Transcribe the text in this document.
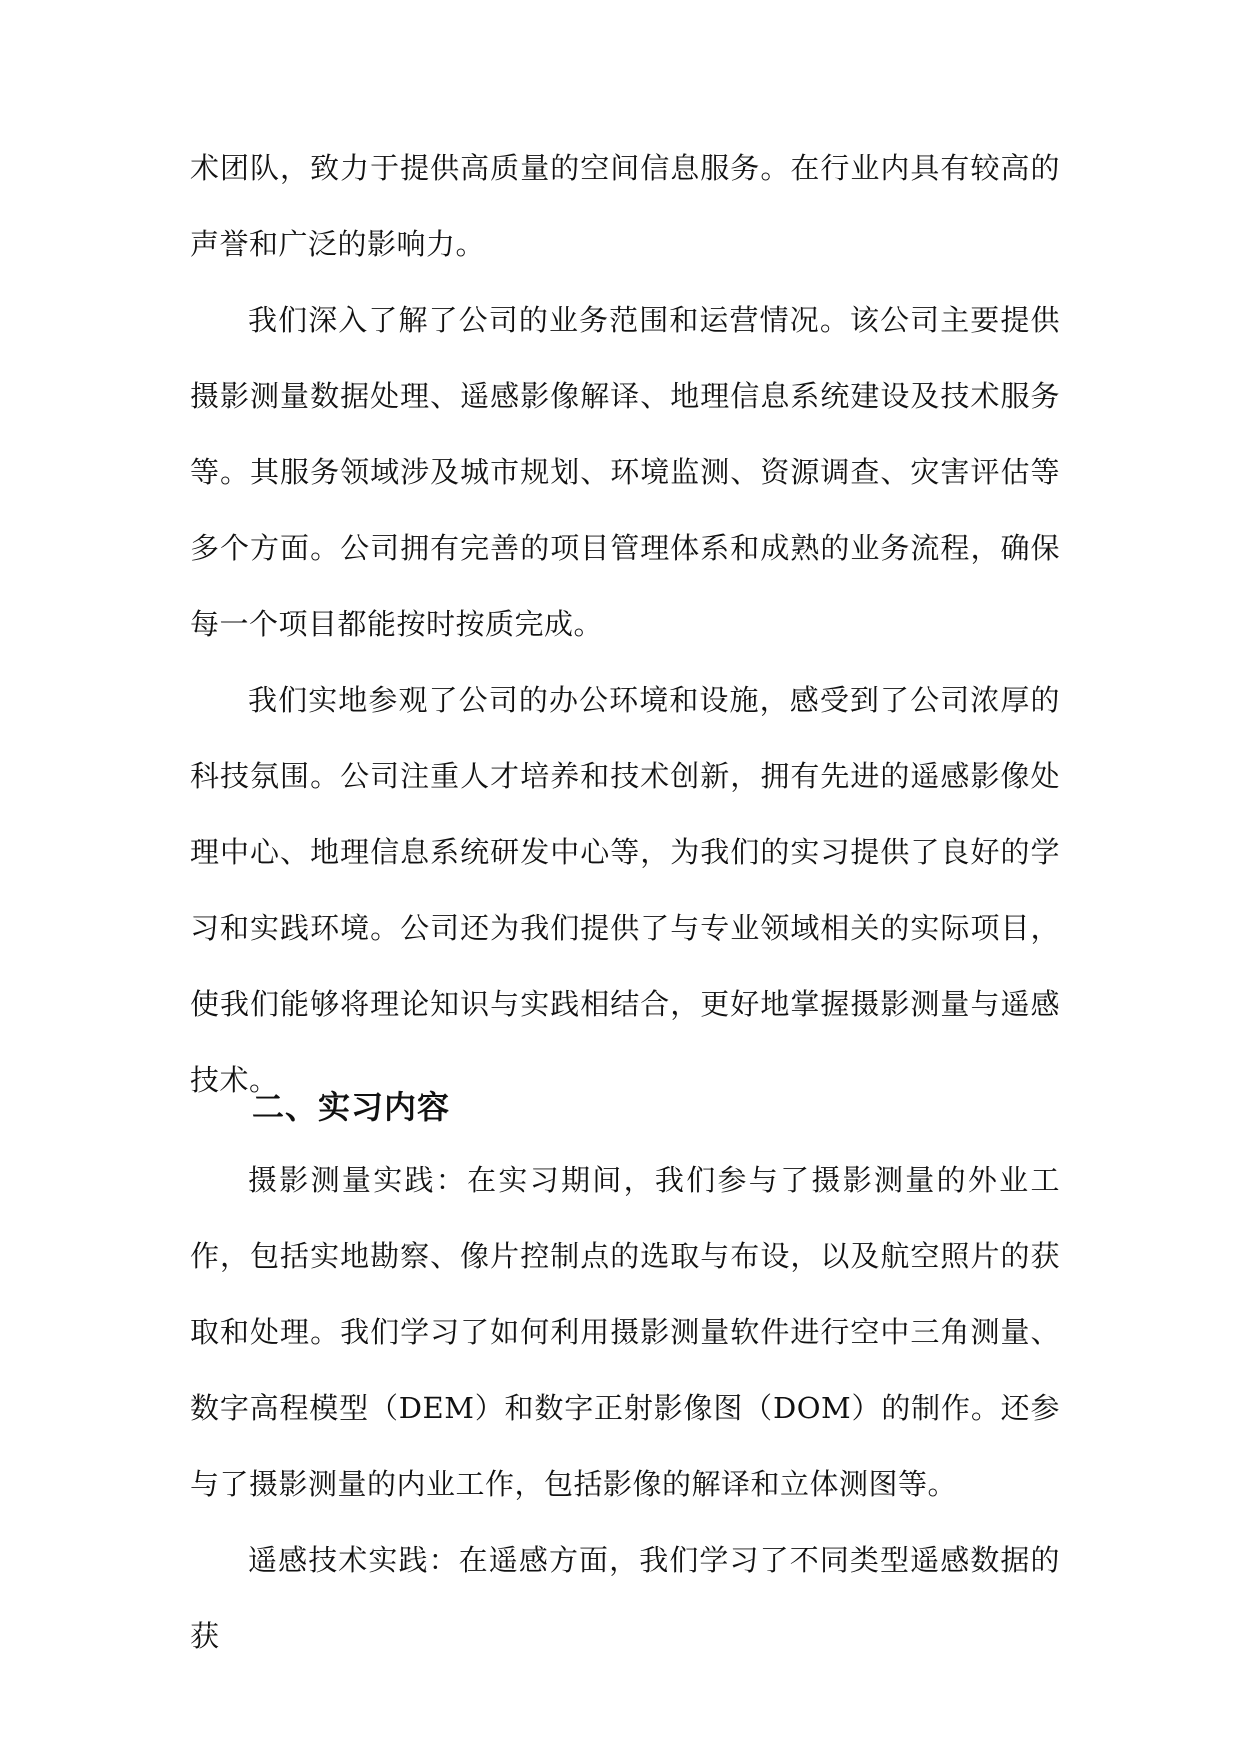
术团队，致力于提供高质量的空间信息服务。在行业内具有较高的声誉和广泛的影响力。

我们深入了解了公司的业务范围和运营情况。该公司主要提供摄影测量数据处理、遥感影像解译、地理信息系统建设及技术服务等。其服务领域涉及城市规划、环境监测、资源调查、灾害评估等多个方面。公司拥有完善的项目管理体系和成熟的业务流程，确保每一个项目都能按时按质完成。

我们实地参观了公司的办公环境和设施，感受到了公司浓厚的科技氛围。公司注重人才培养和技术创新，拥有先进的遥感影像处理中心、地理信息系统研发中心等，为我们的实习提供了良好的学习和实践环境。公司还为我们提供了与专业领域相关的实际项目，使我们能够将理论知识与实践相结合，更好地掌握摄影测量与遥感技术。

二、实习内容

摄影测量实践：在实习期间，我们参与了摄影测量的外业工作，包括实地勘察、像片控制点的选取与布设，以及航空照片的获取和处理。我们学习了如何利用摄影测量软件进行空中三角测量、数字高程模型（DEM）和数字正射影像图（DOM）的制作。还参与了摄影测量的内业工作，包括影像的解译和立体测图等。

遥感技术实践：在遥感方面，我们学习了不同类型遥感数据的获
